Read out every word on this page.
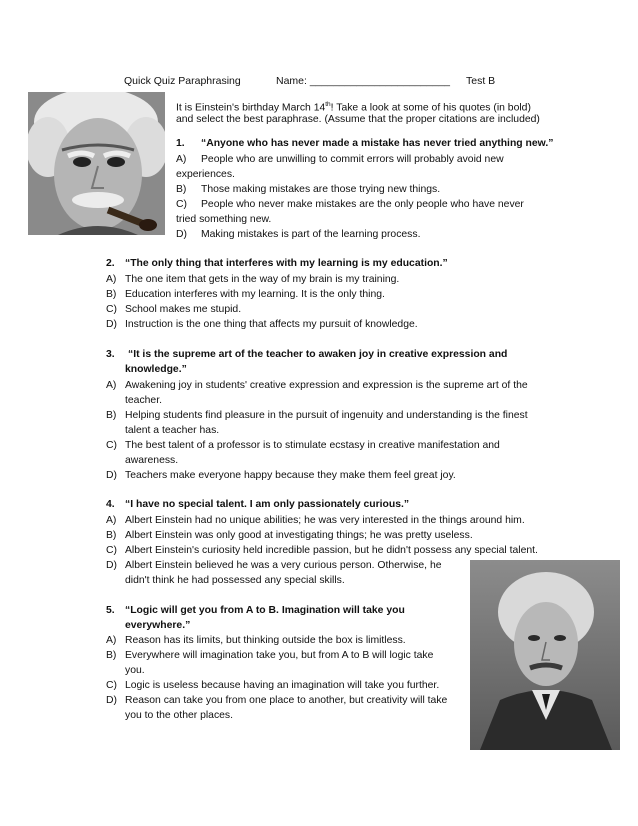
Quick Quiz Paraphrasing	Name: ________________________ Test B
It is Einstein's birthday March 14th! Take a look at some of his quotes (in bold)
and select the best paraphrase. (Assume that the proper citations are included)
1. “Anyone who has never made a mistake has never tried anything new.”
A) People who are unwilling to commit errors will probably avoid new
experiences.
B) Those making mistakes are those trying new things.
C) People who never make mistakes are the only people who have never
tried something new.
D) Making mistakes is part of the learning process.
2. “The only thing that interferes with my learning is my education.”
A) The one item that gets in the way of my brain is my training.
B) Education interferes with my learning. It is the only thing.
C) School makes me stupid.
D) Instruction is the one thing that affects my pursuit of knowledge.
3. “It is the supreme art of the teacher to awaken joy in creative expression and
knowledge.”
A) Awakening joy in students' creative expression and expression is the supreme art of the
teacher.
B) Helping students find pleasure in the pursuit of ingenuity and understanding is the finest
talent a teacher has.
C) The best talent of a professor is to stimulate ecstasy in creative manifestation and
awareness.
D) Teachers make everyone happy because they make them feel great joy.
4. “I have no special talent. I am only passionately curious.”
A) Albert Einstein had no unique abilities; he was very interested in the things around him.
B) Albert Einstein was only good at investigating things; he was pretty useless.
C) Albert Einstein's curiosity held incredible passion, but he didn't possess any special talent.
D) Albert Einstein believed he was a very curious person. Otherwise, he
didn't think he had possessed any special skills.
5. “Logic will get you from A to B. Imagination will take you
everywhere.”
A) Reason has its limits, but thinking outside the box is limitless.
B) Everywhere will imagination take you, but from A to B will logic take
you.
C) Logic is useless because having an imagination will take you further.
D) Reason can take you from one place to another, but creativity will take
you to the other places.
